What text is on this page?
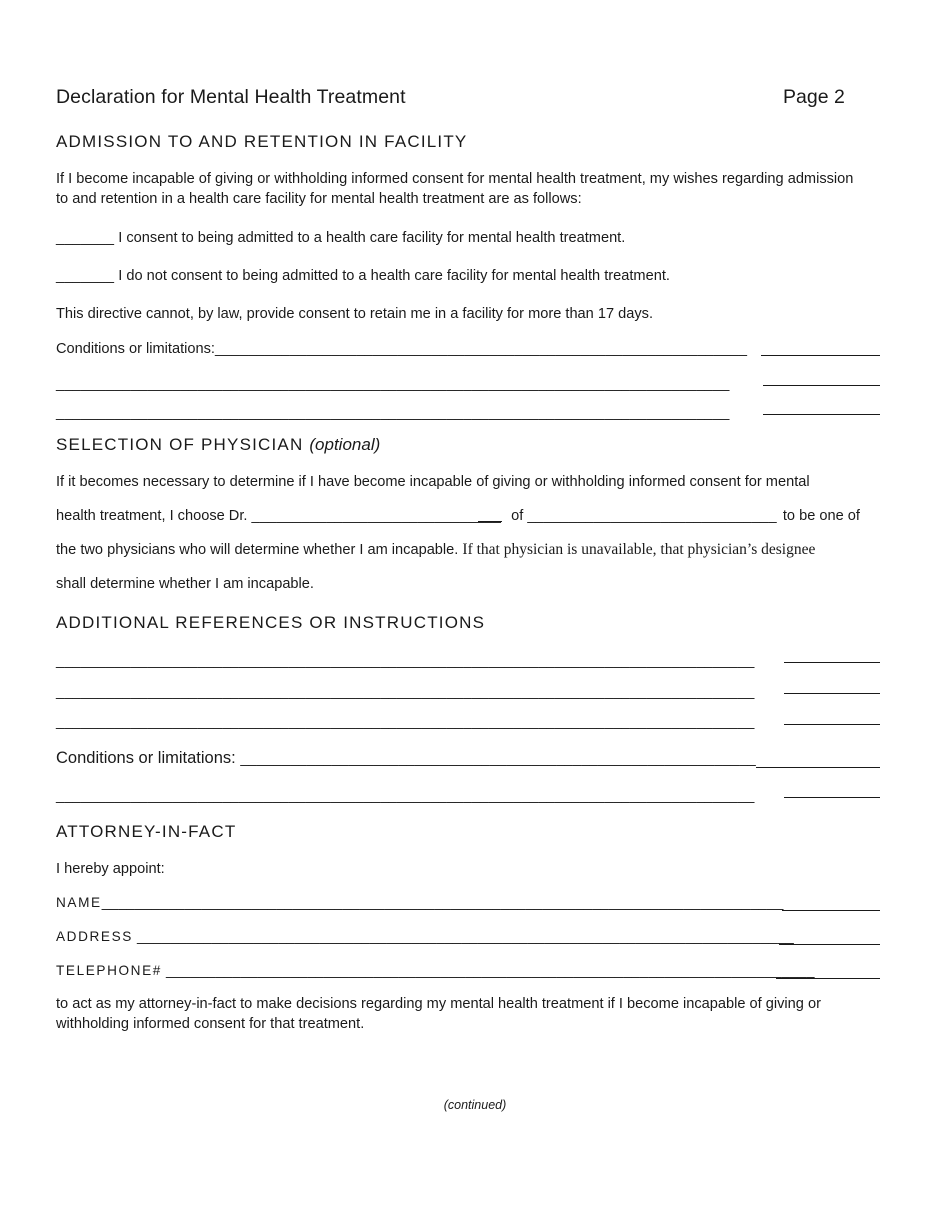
Declaration for Mental Health Treatment	Page 2
ADMISSION TO AND RETENTION IN FACILITY
If I become incapable of giving or withholding informed consent for mental health treatment, my wishes regarding admission to and retention in a health care facility for mental health treatment are as follows:
_______ I consent to being admitted to a health care facility for mental health treatment.
_______ I do not consent to being admitted to a health care facility for mental health treatment.
This directive cannot, by law, provide consent to retain me in a facility for more than 17 days.
Conditions or limitations:________________________________________________________________
_________________________________________________________________________________
_________________________________________________________________________________
SELECTION OF PHYSICIAN (optional)
If it becomes necessary to determine if I have become incapable of giving or withholding informed consent for mental
health treatment, I choose Dr. ______________________________ of ______________________________ to be one of
the two physicians who will determine whether I am incapable. If that physician is unavailable, that physician’s designee
shall determine whether I am incapable.
ADDITIONAL REFERENCES OR INSTRUCTIONS
____________________________________________________________________________________
____________________________________________________________________________________
____________________________________________________________________________________
Conditions or limitations: ______________________________________________________________
____________________________________________________________________________________
ATTORNEY-IN-FACT
I hereby appoint:
NAME__________________________________________________________________________________
ADDRESS _______________________________________________________________________________
TELEPHONE# ______________________________________________________________________________
to act as my attorney-in-fact to make decisions regarding my mental health treatment if I become incapable of giving or withholding informed consent for that treatment.
(continued)
